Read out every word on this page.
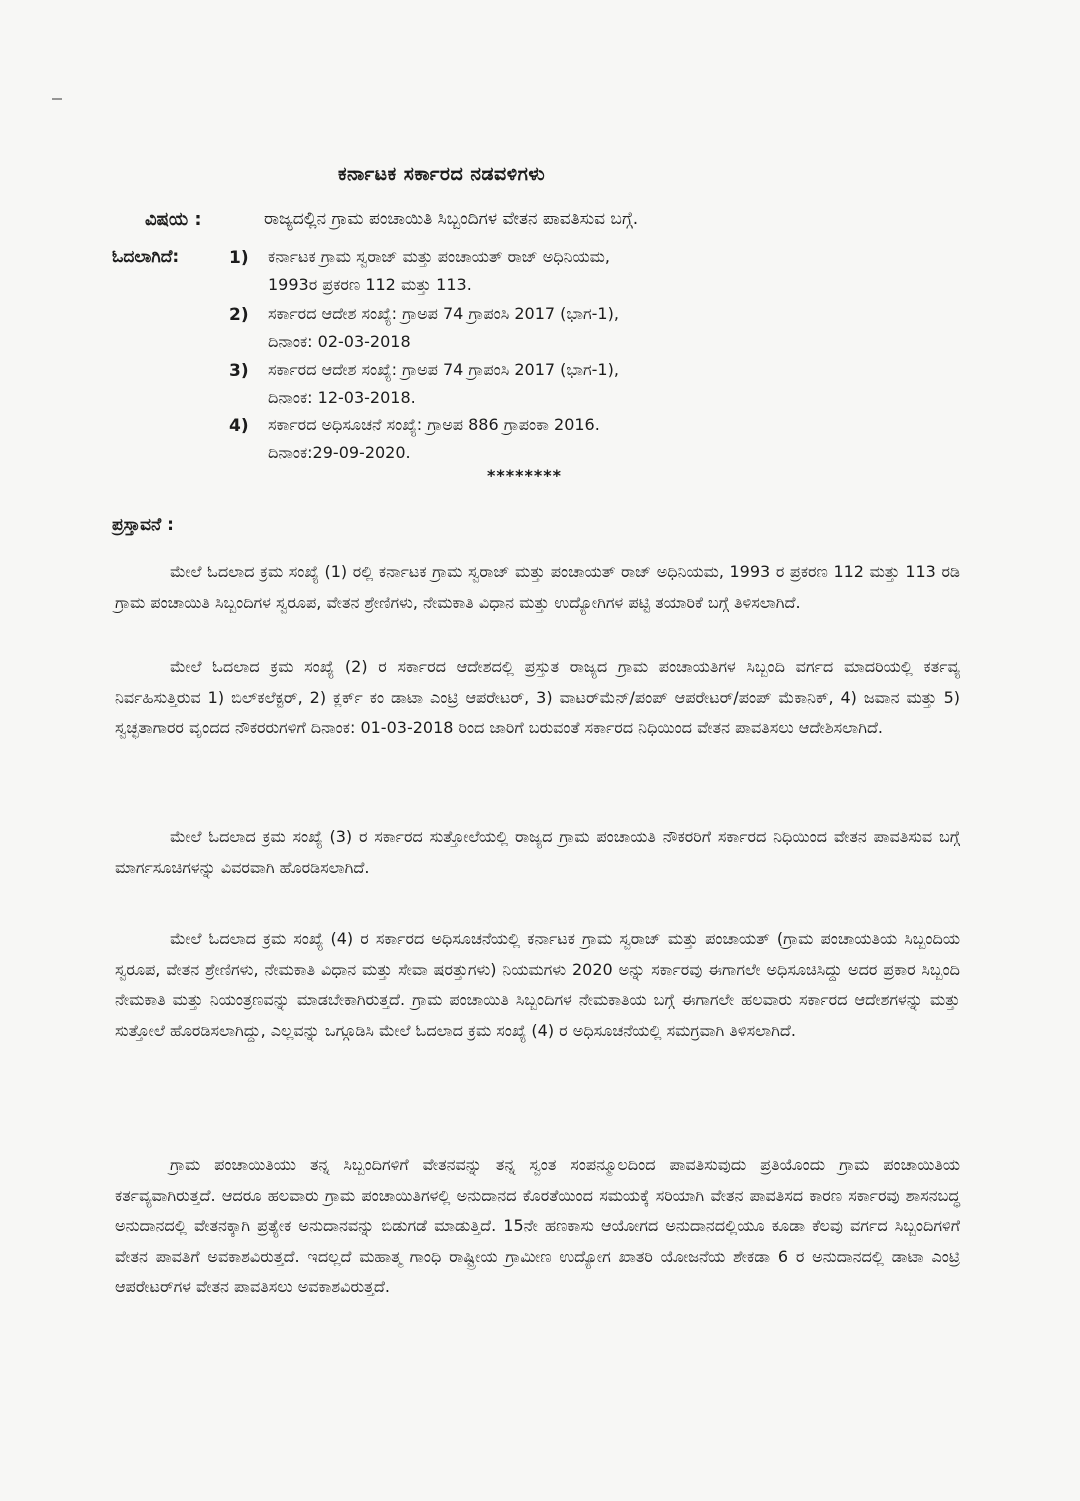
ಕರ್ನಾಟಕ ಸರ್ಕಾರದ ನಡವಳಿಗಳು
ವಿಷಯ :	ರಾಜ್ಯದಲ್ಲಿನ ಗ್ರಾಮ ಪಂಚಾಯಿತಿ ಸಿಬ್ಬಂದಿಗಳ ವೇತನ ಪಾವತಿಸುವ ಬಗ್ಗೆ.
ಓದಲಾಗಿದೆ:	1) ಕರ್ನಾಟಕ ಗ್ರಾಮ ಸ್ವರಾಜ್ ಮತ್ತು ಪಂಚಾಯತ್ ರಾಜ್ ಅಧಿನಿಯಮ,
1993ರ ಪ್ರಕರಣ 112 ಮತ್ತು 113.
2) ಸರ್ಕಾರದ ಆದೇಶ ಸಂಖ್ಯೆ: ಗ್ರಾಅಪ 74 ಗ್ರಾಪಂಸಿ 2017 (ಭಾಗ-1),
ದಿನಾಂಕ: 02-03-2018
3) ಸರ್ಕಾರದ ಆದೇಶ ಸಂಖ್ಯೆ: ಗ್ರಾಅಪ 74 ಗ್ರಾಪಂಸಿ 2017 (ಭಾಗ-1),
ದಿನಾಂಕ: 12-03-2018.
4) ಸರ್ಕಾರದ ಅಧಿಸೂಚನೆ ಸಂಖ್ಯೆ: ಗ್ರಾಅಪ 886 ಗ್ರಾಪಂಕಾ 2016.
ದಿನಾಂಕ:29-09-2020.
********
ಪ್ರಸ್ತಾವನೆ :
ಮೇಲೆ ಓದಲಾದ ಕ್ರಮ ಸಂಖ್ಯೆ (1) ರಲ್ಲಿ ಕರ್ನಾಟಕ ಗ್ರಾಮ ಸ್ವರಾಜ್ ಮತ್ತು ಪಂಚಾಯತ್ ರಾಜ್ ಅಧಿನಿಯಮ, 1993 ರ ಪ್ರಕರಣ 112 ಮತ್ತು 113 ರಡಿ ಗ್ರಾಮ ಪಂಚಾಯಿತಿ ಸಿಬ್ಬಂದಿಗಳ ಸ್ವರೂಪ, ವೇತನ ಶ್ರೇಣಿಗಳು, ನೇಮಕಾತಿ ವಿಧಾನ ಮತ್ತು ಉದ್ಯೋಗಿಗಳ ಪಟ್ಟಿ ತಯಾರಿಕೆ ಬಗ್ಗೆ ತಿಳಿಸಲಾಗಿದೆ.
ಮೇಲೆ ಓದಲಾದ ಕ್ರಮ ಸಂಖ್ಯೆ (2) ರ ಸರ್ಕಾರದ ಆದೇಶದಲ್ಲಿ ಪ್ರಸ್ತುತ ರಾಜ್ಯದ ಗ್ರಾಮ ಪಂಚಾಯತಿಗಳ ಸಿಬ್ಬಂದಿ ವರ್ಗದ ಮಾದರಿಯಲ್ಲಿ ಕರ್ತವ್ಯ ನಿರ್ವಹಿಸುತ್ತಿರುವ 1) ಬಿಲ್‌ಕಲೆಕ್ಟರ್, 2) ಕ್ಲರ್ಕ್ ಕಂ ಡಾಟಾ ಎಂಟ್ರಿ ಆಪರೇಟರ್, 3) ವಾಟರ್‌ಮೆನ್/ಪಂಪ್ ಆಪರೇಟರ್/ಪಂಪ್ ಮೆಕಾನಿಕ್, 4) ಜವಾನ ಮತ್ತು 5) ಸ್ವಚ್ಛತಾಗಾರರ ವೃಂದದ ನೌಕರರುಗಳಿಗೆ ದಿನಾಂಕ: 01-03-2018 ರಿಂದ ಜಾರಿಗೆ ಬರುವಂತೆ ಸರ್ಕಾರದ ನಿಧಿಯಿಂದ ವೇತನ ಪಾವತಿಸಲು ಆದೇಶಿಸಲಾಗಿದೆ.
ಮೇಲೆ ಓದಲಾದ ಕ್ರಮ ಸಂಖ್ಯೆ (3) ರ ಸರ್ಕಾರದ ಸುತ್ತೋಲೆಯಲ್ಲಿ ರಾಜ್ಯದ ಗ್ರಾಮ ಪಂಚಾಯತಿ ನೌಕರರಿಗೆ ಸರ್ಕಾರದ ನಿಧಿಯಿಂದ ವೇತನ ಪಾವತಿಸುವ ಬಗ್ಗೆ ಮಾರ್ಗಸೂಚಿಗಳನ್ನು ವಿವರವಾಗಿ ಹೊರಡಿಸಲಾಗಿದೆ.
ಮೇಲೆ ಓದಲಾದ ಕ್ರಮ ಸಂಖ್ಯೆ (4) ರ ಸರ್ಕಾರದ ಅಧಿಸೂಚನೆಯಲ್ಲಿ ಕರ್ನಾಟಕ ಗ್ರಾಮ ಸ್ವರಾಜ್ ಮತ್ತು ಪಂಚಾಯತ್ (ಗ್ರಾಮ ಪಂಚಾಯತಿಯ ಸಿಬ್ಬಂದಿಯ ಸ್ವರೂಪ, ವೇತನ ಶ್ರೇಣಿಗಳು, ನೇಮಕಾತಿ ವಿಧಾನ ಮತ್ತು ಸೇವಾ ಷರತ್ತುಗಳು) ನಿಯಮಗಳು 2020 ಅನ್ನು ಸರ್ಕಾರವು ಈಗಾಗಲೇ ಅಧಿಸೂಚಿಸಿದ್ದು ಅದರ ಪ್ರಕಾರ ಸಿಬ್ಬಂದಿ ನೇಮಕಾತಿ ಮತ್ತು ನಿಯಂತ್ರಣವನ್ನು ಮಾಡಬೇಕಾಗಿರುತ್ತದೆ. ಗ್ರಾಮ ಪಂಚಾಯಿತಿ ಸಿಬ್ಬಂದಿಗಳ ನೇಮಕಾತಿಯ ಬಗ್ಗೆ ಈಗಾಗಲೇ ಹಲವಾರು ಸರ್ಕಾರದ ಆದೇಶಗಳನ್ನು ಮತ್ತು ಸುತ್ತೋಲೆ ಹೊರಡಿಸಲಾಗಿದ್ದು, ಎಲ್ಲವನ್ನು ಒಗ್ಗೂಡಿಸಿ ಮೇಲೆ ಓದಲಾದ ಕ್ರಮ ಸಂಖ್ಯೆ (4) ರ ಅಧಿಸೂಚನೆಯಲ್ಲಿ ಸಮಗ್ರವಾಗಿ ತಿಳಿಸಲಾಗಿದೆ.
ಗ್ರಾಮ ಪಂಚಾಯಿತಿಯು ತನ್ನ ಸಿಬ್ಬಂದಿಗಳಿಗೆ ವೇತನವನ್ನು ತನ್ನ ಸ್ವಂತ ಸಂಪನ್ಮೂಲದಿಂದ ಪಾವತಿಸುವುದು ಪ್ರತಿಯೊಂದು ಗ್ರಾಮ ಪಂಚಾಯಿತಿಯ ಕರ್ತವ್ಯವಾಗಿರುತ್ತದೆ. ಆದರೂ ಹಲವಾರು ಗ್ರಾಮ ಪಂಚಾಯಿತಿಗಳಲ್ಲಿ ಅನುದಾನದ ಕೊರತೆಯಿಂದ ಸಮಯಕ್ಕೆ ಸರಿಯಾಗಿ ವೇತನ ಪಾವತಿಸದ ಕಾರಣ ಸರ್ಕಾರವು ಶಾಸನಬದ್ಧ ಅನುದಾನದಲ್ಲಿ ವೇತನಕ್ಕಾಗಿ ಪ್ರತ್ಯೇಕ ಅನುದಾನವನ್ನು ಬಿಡುಗಡೆ ಮಾಡುತ್ತಿದೆ. 15ನೇ ಹಣಕಾಸು ಆಯೋಗದ ಅನುದಾನದಲ್ಲಿಯೂ ಕೂಡಾ ಕೆಲವು ವರ್ಗದ ಸಿಬ್ಬಂದಿಗಳಿಗೆ ವೇತನ ಪಾವತಿಗೆ ಅವಕಾಶವಿರುತ್ತದೆ. ಇದಲ್ಲದೆ ಮಹಾತ್ಮ ಗಾಂಧಿ ರಾಷ್ಟ್ರೀಯ ಗ್ರಾಮೀಣ ಉದ್ಯೋಗ ಖಾತರಿ ಯೋಜನೆಯ ಶೇಕಡಾ 6 ರ ಅನುದಾನದಲ್ಲಿ ಡಾಟಾ ಎಂಟ್ರಿ ಆಪರೇಟರ್‌ಗಳ ವೇತನ ಪಾವತಿಸಲು ಅವಕಾಶವಿರುತ್ತದೆ.
